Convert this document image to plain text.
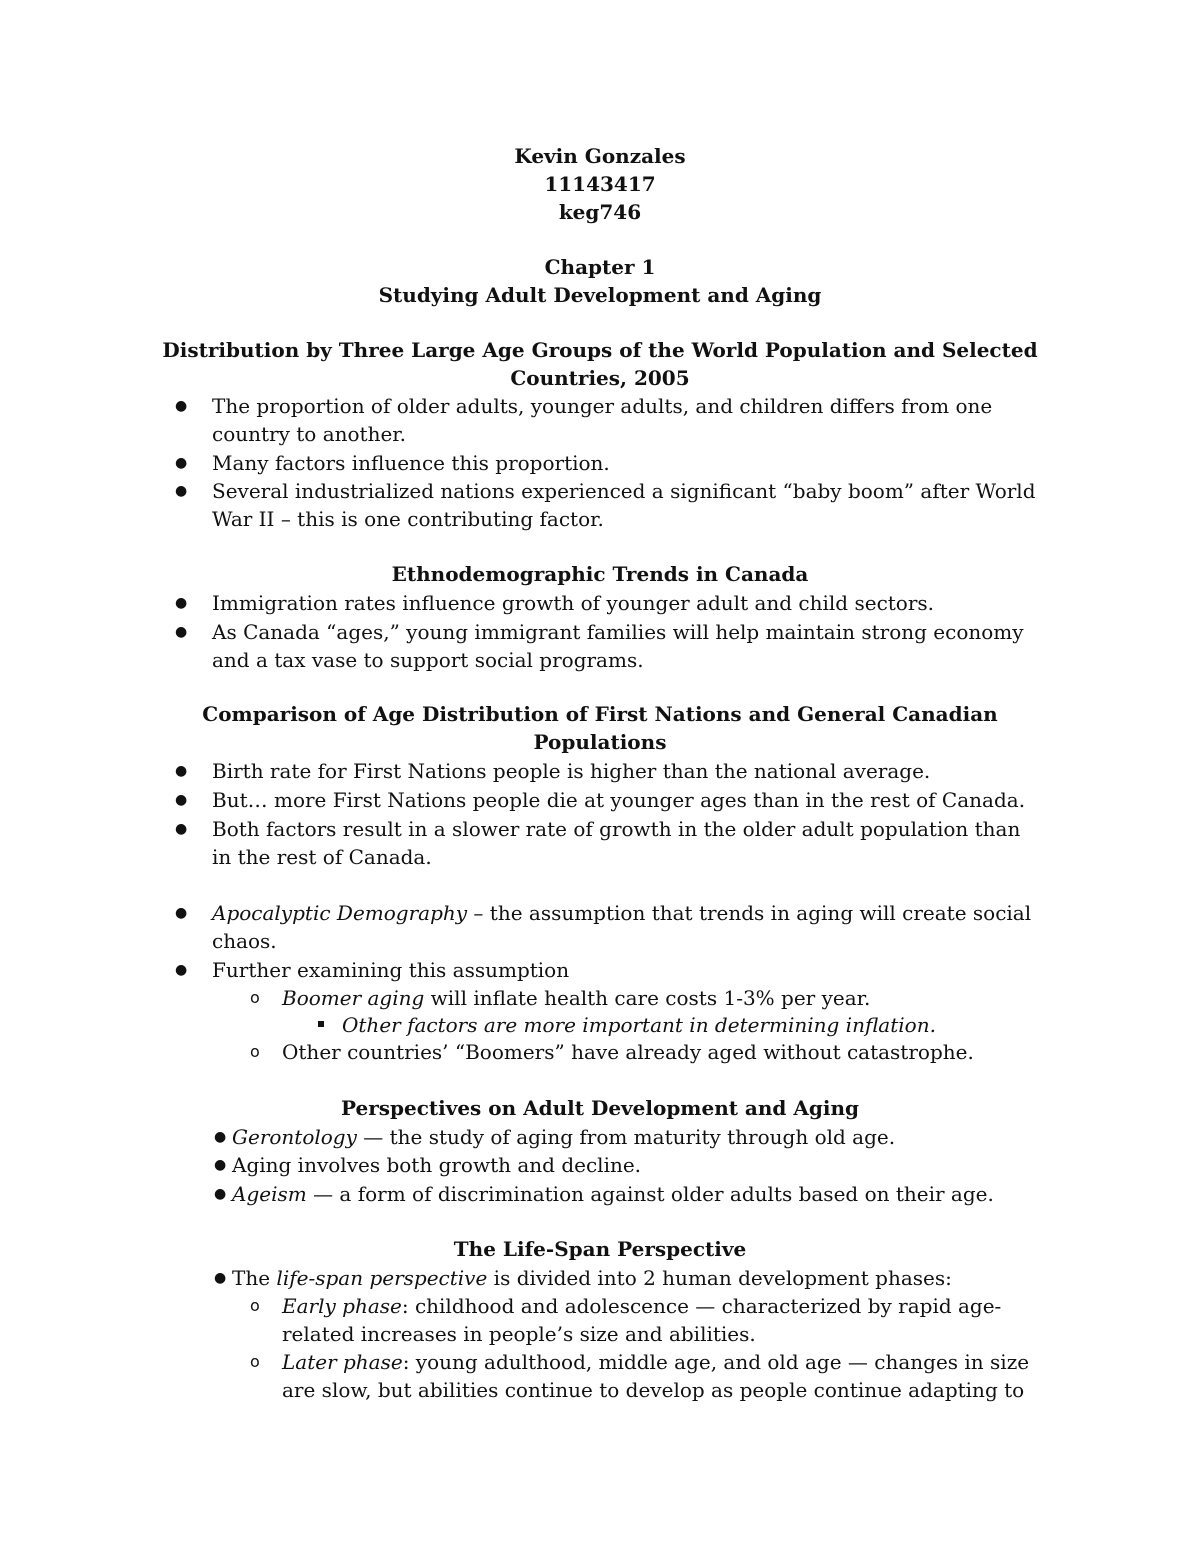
Kevin Gonzales
11143417
keg746
Chapter 1
Studying Adult Development and Aging
Distribution by Three Large Age Groups of the World Population and Selected
Countries, 2005
● The proportion of older adults, younger adults, and children differs from one
country to another.
● Many factors influence this proportion.
● Several industrialized nations experienced a significant “baby boom” after World
War II – this is one contributing factor.
Ethnodemographic Trends in Canada
● Immigration rates influence growth of younger adult and child sectors.
● As Canada “ages,” young immigrant families will help maintain strong economy
and a tax vase to support social programs.
Comparison of Age Distribution of First Nations and General Canadian
Populations
● Birth rate for First Nations people is higher than the national average.
● But… more First Nations people die at younger ages than in the rest of Canada.
● Both factors result in a slower rate of growth in the older adult population than
in the rest of Canada.
● Apocalyptic Demography – the assumption that trends in aging will create social
chaos.
● Further examining this assumption
o Boomer aging will inflate health care costs 1-3% per year.
Other factors are more important in determining inflation.
o Other countries’ “Boomers” have already aged without catastrophe.
Perspectives on Adult Development and Aging
● Gerontology — the study of aging from maturity through old age.
● Aging involves both growth and decline.
● Ageism — a form of discrimination against older adults based on their age.
The Life-Span Perspective
● The life-span perspective is divided into 2 human development phases:
o Early phase: childhood and adolescence — characterized by rapid age-
related increases in people’s size and abilities.
o Later phase: young adulthood, middle age, and old age — changes in size
are slow, but abilities continue to develop as people continue adapting to
